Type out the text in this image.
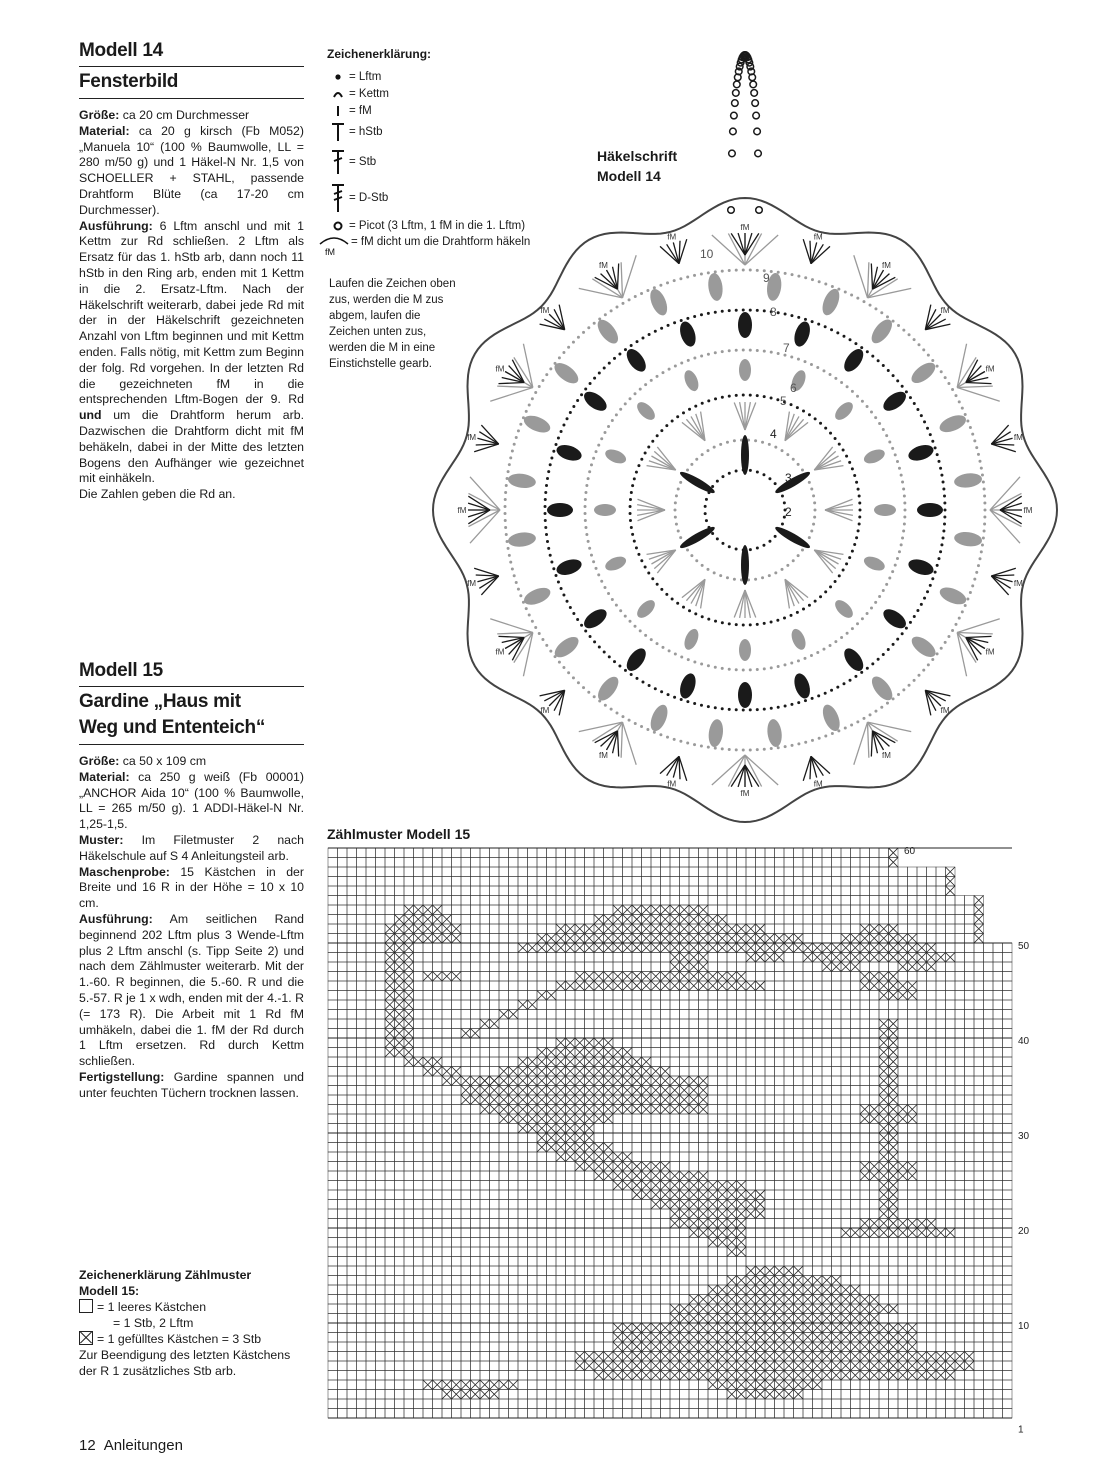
Modell 14
Fensterbild

Größe: ca 20 cm Durchmesser

Material: ca 20 g kirsch (Fb M052) „Manuela 10“ (100 % Baumwolle, LL = 280 m/50 g) und 1 Häkel-N Nr. 1,5 von SCHOELLER + STAHL, passende Drahtform Blüte (ca 17-20 cm Durchmesser).

Ausführung: 6 Lftm anschl und mit 1 Kettm zur Rd schließen. 2 Lftm als Ersatz für das 1. hStb arb, dann noch 11 hStb in den Ring arb, enden mit 1 Kettm in die 2. Ersatz-Lftm. Nach der Häkelschrift weiterarb, dabei jede Rd mit der in der Häkelschrift gezeichneten Anzahl von Lftm beginnen und mit Kettm enden. Falls nötig, mit Kettm zum Beginn der folg. Rd vorgehen. In der letzten Rd die gezeichneten fM in die entsprechenden Lftm-Bogen der 9. Rd und um die Drahtform herum arb. Dazwischen die Drahtform dicht mit fM behäkeln, dabei in der Mitte des letzten Bogens den Aufhänger wie gezeichnet mit einhäkeln.

Die Zahlen geben die Rd an.

Modell 15
Gardine „Haus mit
Weg und Ententeich“

Größe: ca 50 x 109 cm

Material: ca 250 g weiß (Fb 00001) „ANCHOR Aida 10“ (100 % Baumwolle, LL = 265 m/50 g). 1 ADDI-Häkel-N Nr. 1,25-1,5.

Muster: Im Filetmuster 2 nach Häkelschule auf S 4 Anleitungsteil arb.

Maschenprobe: 15 Kästchen in der Breite und 16 R in der Höhe = 10 x 10 cm.

Ausführung: Am seitlichen Rand beginnend 202 Lftm plus 3 Wende-Lftm plus 2 Lftm anschl (s. Tipp Seite 2) und nach dem Zählmuster weiterarb. Mit der 1.-60. R beginnen, die 5.-60. R und die 5.-57. R je 1 x wdh, enden mit der 4.-1. R (= 173 R). Die Arbeit mit 1 Rd fM umhäkeln, dabei die 1. fM der Rd durch 1 Lftm ersetzen. Rd durch Kettm schließen.

Fertigstellung: Gardine spannen und unter feuchten Tüchern trocknen lassen.

Zeichenerklärung Zählmuster
Modell 15:
= 1 leeres Kästchen
= 1 Stb, 2 Lftm
= 1 gefülltes Kästchen = 3 Stb
Zur Beendigung des letzten Kästchens der R 1 zusätzliches Stb arb.
12 Anleitungen
Zeichenerklärung:
= Lftm
= Kettm
= fM
= hStb
= Stb
= D-Stb
= Picot (3 Lftm, 1 fM in die 1. Lftm)
fM
= fM dicht um die Drahtform häkeln
Laufen die Zeichen oben zus, werden die M zus abgem, laufen die Zeichen unten zus, werden die M in eine Einstichstelle gearb.
Häkelschrift
Modell 14
fM
fM
fM
fM
fM
fM
fM
fM
fM
fM
fM
fM
fM
fM
fM
fM
fM
fM
fM
fM
fM
fM
fM
fM
2
3
4
5
6
7
8
9
10
Zählmuster Modell 15
60
50
40
30
20
10
1
